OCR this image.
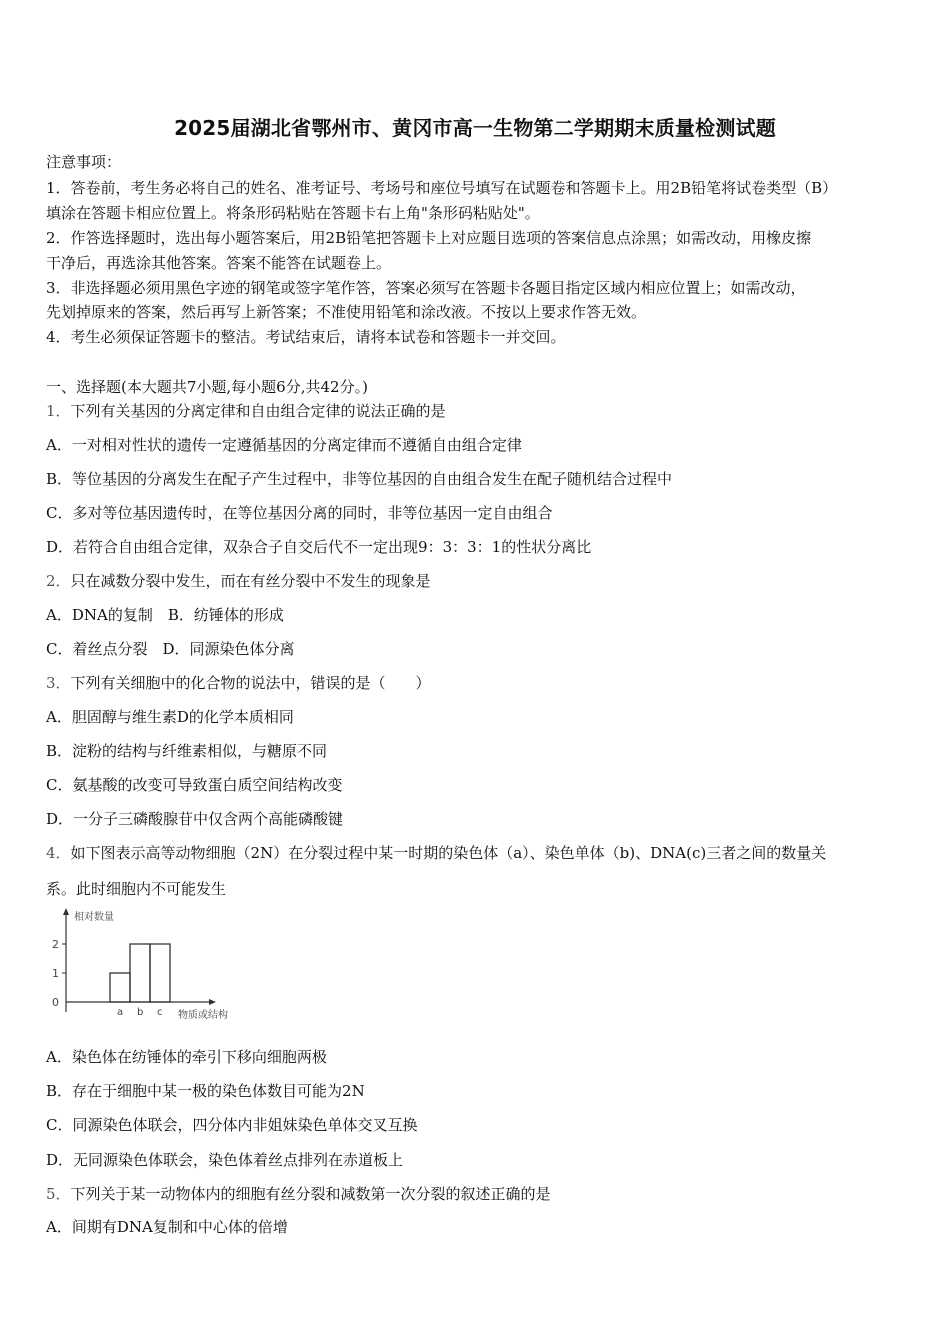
2025届湖北省鄂州市、黄冈市高一生物第二学期期末质量检测试题
注意事项：
1．答卷前，考生务必将自己的姓名、准考证号、考场号和座位号填写在试题卷和答题卡上。用2B铅笔将试卷类型（B）
填涂在答题卡相应位置上。将条形码粘贴在答题卡右上角"条形码粘贴处"。
2．作答选择题时，选出每小题答案后，用2B铅笔把答题卡上对应题目选项的答案信息点涂黑；如需改动，用橡皮擦
干净后，再选涂其他答案。答案不能答在试题卷上。
3．非选择题必须用黑色字迹的钢笔或签字笔作答，答案必须写在答题卡各题目指定区域内相应位置上；如需改动，
先划掉原来的答案，然后再写上新答案；不准使用铅笔和涂改液。不按以上要求作答无效。
4．考生必须保证答题卡的整洁。考试结束后，请将本试卷和答题卡一并交回。
一、选择题(本大题共7小题,每小题6分,共42分。)
1．下列有关基因的分离定律和自由组合定律的说法正确的是
A．一对相对性状的遗传一定遵循基因的分离定律而不遵循自由组合定律
B．等位基因的分离发生在配子产生过程中，非等位基因的自由组合发生在配子随机结合过程中
C．多对等位基因遗传时，在等位基因分离的同时，非等位基因一定自由组合
D．若符合自由组合定律，双杂合子自交后代不一定出现9：3：3：1的性状分离比
2．只在减数分裂中发生，而在有丝分裂中不发生的现象是
A．DNA的复制　B．纺锤体的形成
C．着丝点分裂　D．同源染色体分离
3．下列有关细胞中的化合物的说法中，错误的是（　　）
A．胆固醇与维生素D的化学本质相同
B．淀粉的结构与纤维素相似，与糖原不同
C．氨基酸的改变可导致蛋白质空间结构改变
D．一分子三磷酸腺苷中仅含两个高能磷酸键
4．如下图表示高等动物细胞（2N）在分裂过程中某一时期的染色体（a）、染色单体（b)、DNA(c)三者之间的数量关
系。此时细胞内不可能发生
相对数量
物质或结构
0
1
2
a b c
A．染色体在纺锤体的牵引下移向细胞两极
B．存在于细胞中某一极的染色体数目可能为2N
C．同源染色体联会，四分体内非姐妹染色单体交叉互换
D．无同源染色体联会，染色体着丝点排列在赤道板上
5．下列关于某一动物体内的细胞有丝分裂和减数第一次分裂的叙述正确的是
A．间期有DNA复制和中心体的倍增
